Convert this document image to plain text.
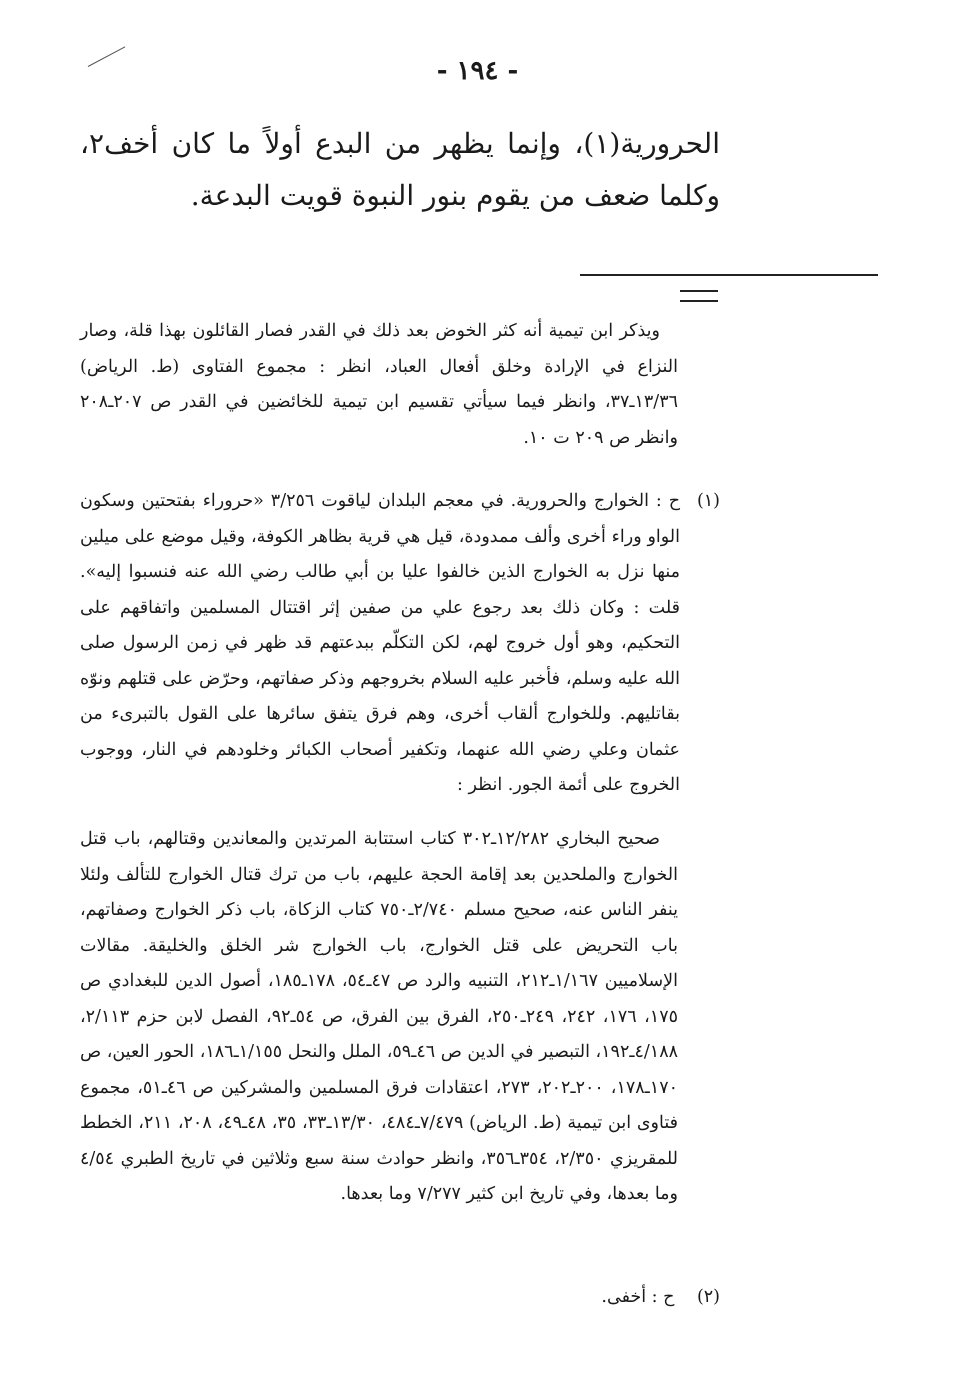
- ١٩٤ -
الحرورية(١)، وإنما يظهر من البدع أولاً ما كان أخف٢، وكلما ضعف من يقوم بنور النبوة قويت البدعة.
ويذكر ابن تيمية أنه كثر الخوض بعد ذلك في القدر فصار القائلون بهذا قلة، وصار النزاع في الإرادة وخلق أفعال العباد، انظر : مجموع الفتاوى (ط. الرياض) ١٣/٣٦ـ٣٧، وانظر فيما سيأتي تقسيم ابن تيمية للخائضين في القدر ص ٢٠٧ـ٢٠٨ وانظر ص ٢٠٩ ت ١٠.
(١)
ح : الخوارج والحرورية. في معجم البلدان لياقوت ٣/٢٥٦ «حروراء بفتحتين وسكون الواو وراء أخرى وألف ممدودة، قيل هي قرية بظاهر الكوفة، وقيل موضع على ميلين منها نزل به الخوارج الذين خالفوا عليا بن أبي طالب رضي الله عنه فنسبوا إليه». قلت : وكان ذلك بعد رجوع علي من صفين إثر اقتتال المسلمين واتفاقهم على التحكيم، وهو أول خروج لهم، لكن التكلّم ببدعتهم قد ظهر في زمن الرسول صلى الله عليه وسلم، فأخبر عليه السلام بخروجهم وذكر صفاتهم، وحرّض على قتلهم ونوّه بقاتليهم. وللخوارج ألقاب أخرى، وهم فرق يتفق سائرها على القول بالتبرىء من عثمان وعلي رضي الله عنهما، وتكفير أصحاب الكبائر وخلودهم في النار، ووجوب الخروج على أئمة الجور. انظر :
صحيح البخاري ١٢/٢٨٢ـ٣٠٢ كتاب استتابة المرتدين والمعاندين وقتالهم، باب قتل الخوارج والملحدين بعد إقامة الحجة عليهم، باب من ترك قتال الخوارج للتألف ولئلا ينفر الناس عنه، صحيح مسلم ٢/٧٤٠ـ٧٥٠ كتاب الزكاة، باب ذكر الخوارج وصفاتهم، باب التحريض على قتل الخوارج، باب الخوارج شر الخلق والخليقة. مقالات الإسلاميين ١/١٦٧ـ٢١٢، التنبيه والرد ص ٤٧ـ٥٤، ١٧٨ـ١٨٥، أصول الدين للبغدادي ص ١٧٥، ١٧٦، ٢٤٢، ٢٤٩ـ٢٥٠، الفرق بين الفرق، ص ٥٤ـ٩٢، الفصل لابن حزم ٢/١١٣، ٤/١٨٨ـ١٩٢، التبصير في الدين ص ٤٦ـ٥٩، الملل والنحل ١/١٥٥ـ١٨٦، الحور العين، ص ١٧٠ـ١٧٨، ٢٠٠ـ٢٠٢، ٢٧٣، اعتقادات فرق المسلمين والمشركين ص ٤٦ـ٥١، مجموع فتاوى ابن تيمية (ط. الرياض) ٧/٤٧٩ـ٤٨٤، ١٣/٣٠ـ٣٣، ٣٥، ٤٨ـ٤٩، ٢٠٨، ٢١١، الخطط للمقريزي ٢/٣٥٠، ٣٥٤ـ٣٥٦، وانظر حوادث سنة سبع وثلاثين في تاريخ الطبري ٤/٥٤ وما بعدها، وفي تاريخ ابن كثير ٧/٢٧٧ وما بعدها.
(٢) ح : أخفى.
